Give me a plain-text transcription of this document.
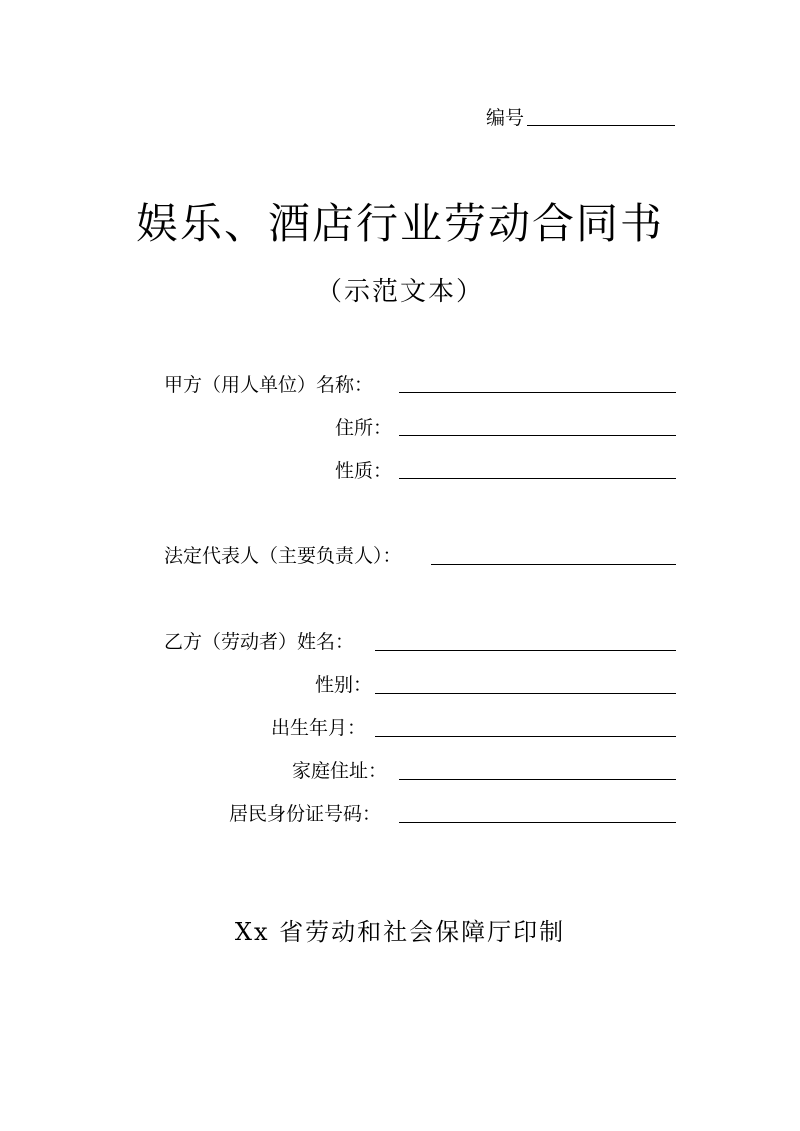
编号
娱乐、酒店行业劳动合同书
（示范文本）
甲方（用人单位）名称：
住所：
性质：
法定代表人（主要负责人）：
乙方（劳动者）姓名：
性别：
出生年月：
家庭住址：
居民身份证号码：
Xx 省劳动和社会保障厅印制
